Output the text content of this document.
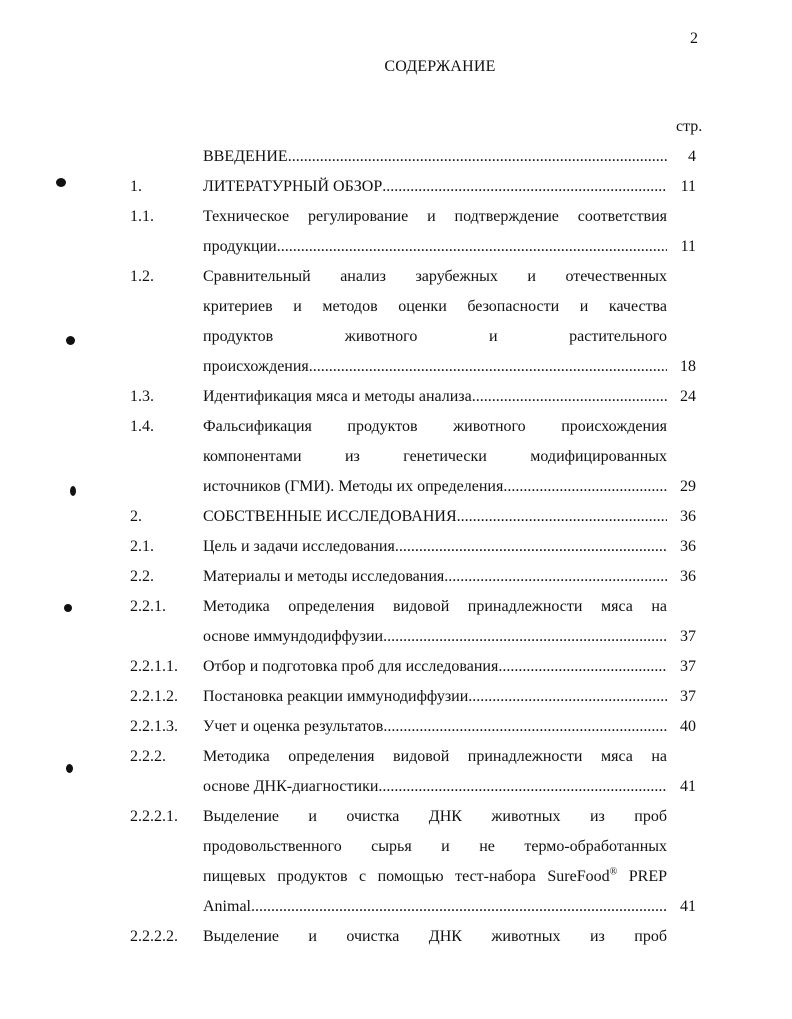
2
СОДЕРЖАНИЕ
стр.
ВВЕДЕНИЕ .....	4
1.	ЛИТЕРАТУРНЫЙ ОБЗОР .....	11
1.1.	Техническое регулирование и подтверждение соответствия
продукции .....	11
1.2.	Сравнительный анализ зарубежных и отечественных
критериев и методов оценки безопасности и качества
продуктов животного и растительного
происхождения .....	18
1.3.	Идентификация мяса и методы анализа .....	24
1.4.	Фальсификация продуктов животного происхождения
компонентами из генетически модифицированных
источников (ГМИ). Методы их определения .....	29
2.	СОБСТВЕННЫЕ ИССЛЕДОВАНИЯ .....	36
2.1.	Цель и задачи исследования .....	36
2.2.	Материалы и методы исследования .....	36
2.2.1. Методика определения видовой принадлежности мяса на
основе иммундодиффузии .....	37
2.2.1.1. Отбор и подготовка проб для исследования .....	37
2.2.1.2. Постановка реакции иммунодиффузии .....	37
2.2.1.3. Учет и оценка результатов .....	40
2.2.2. Методика определения видовой принадлежности мяса на
основе ДНК-диагностики .....	41
2.2.2.1. Выделение и очистка ДНК животных из проб
продовольственного сырья и не термо-обработанных
пищевых продуктов с помощью тест-набора SureFood® PREP
Animal .....	41
2.2.2.2. Выделение и очистка ДНК животных из проб
